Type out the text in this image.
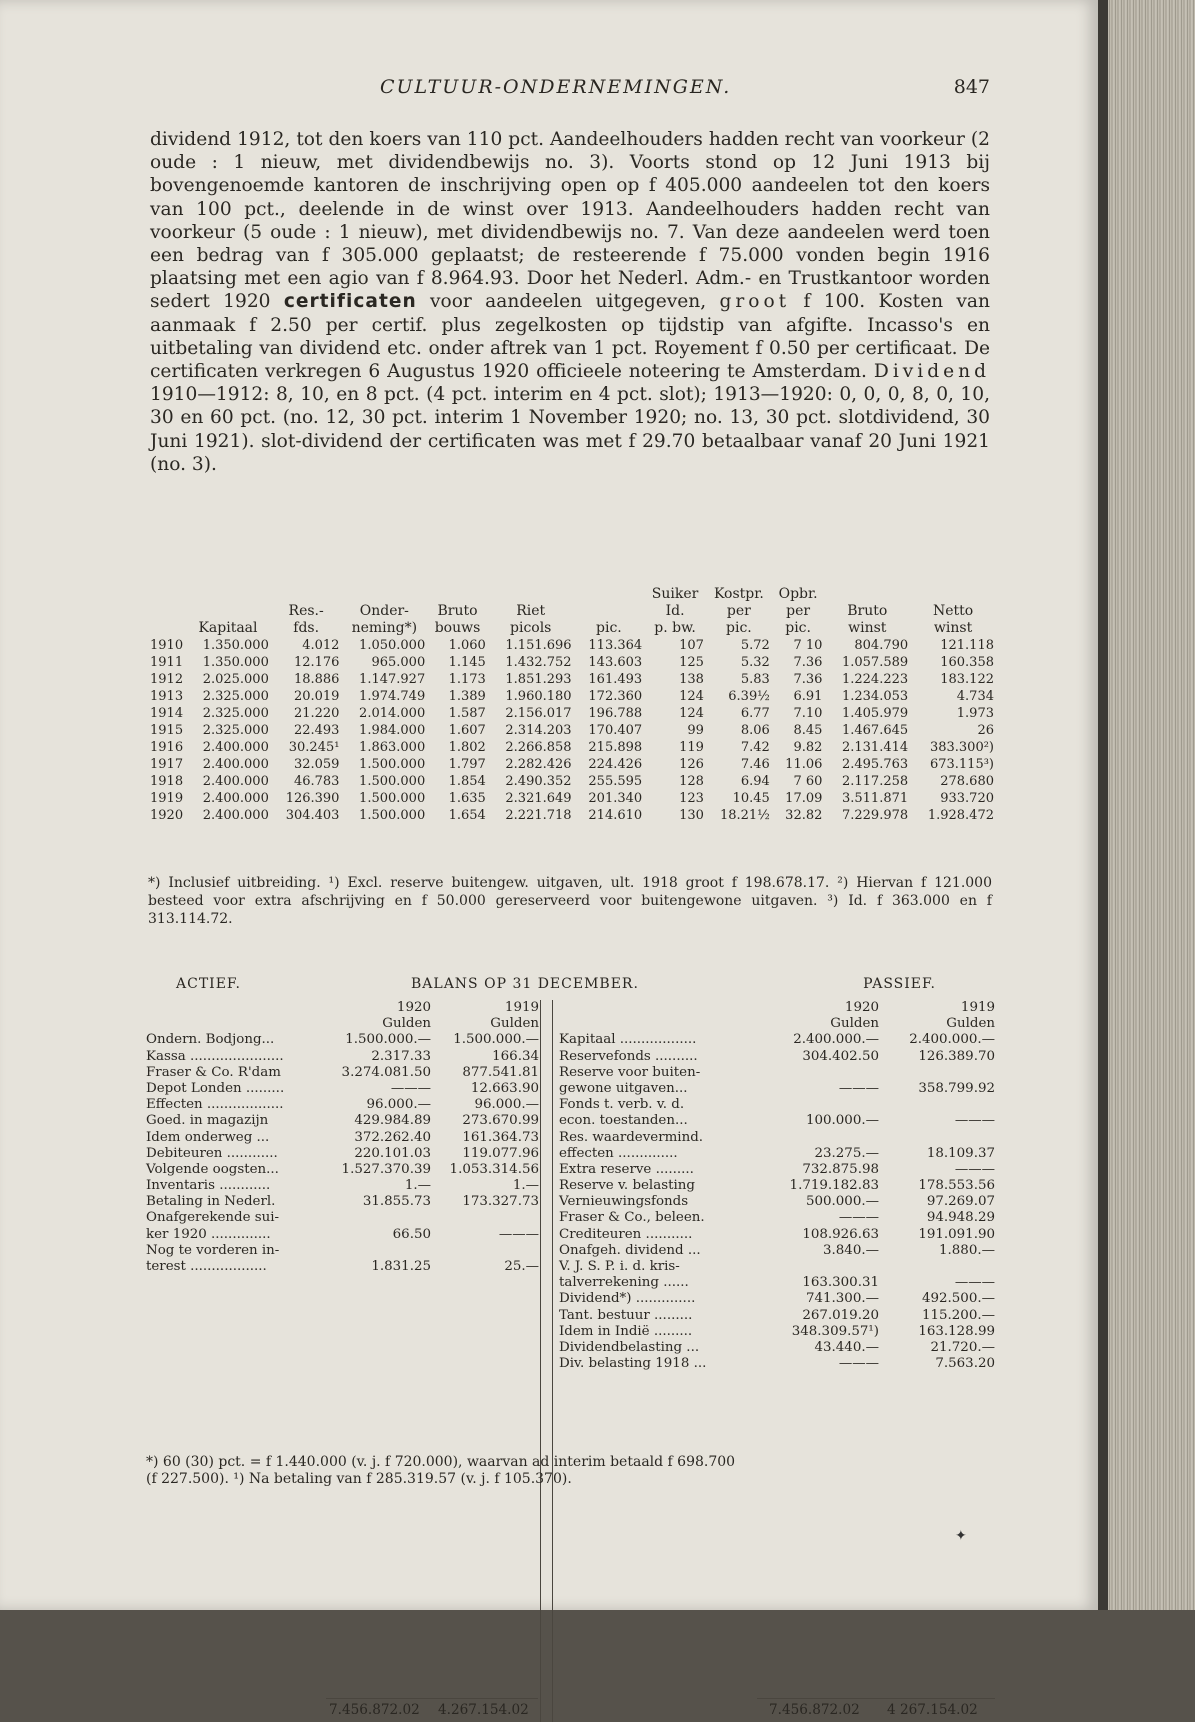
CULTUUR-ONDERNEMINGEN.	847

dividend 1912, tot den koers van 110 pct. Aandeelhouders hadden recht van voorkeur (2 oude : 1 nieuw, met dividendbewijs no. 3). Voorts stond op 12 Juni 1913 bij bovengenoemde kantoren de inschrijving open op f 405.000 aandeelen tot den koers van 100 pct., deelende in de winst over 1913. Aandeelhouders hadden recht van voorkeur (5 oude : 1 nieuw), met dividendbewijs no. 7. Van deze aandeelen werd toen een bedrag van f 305.000 geplaatst; de resteerende f 75.000 vonden begin 1916 plaatsing met een agio van f 8.964.93. Door het Nederl. Adm.- en Trustkantoor worden sedert 1920 certificaten voor aandeelen uitgegeven, groot f 100. Kosten van aanmaak f 2.50 per certif. plus zegelkosten op tijdstip van afgifte. Incasso's en uitbetaling van dividend etc. onder aftrek van 1 pct. Royement f 0.50 per certificaat. De certificaten verkregen 6 Augustus 1920 officieele noteering te Amsterdam. Dividend 1910—1912: 8, 10, en 8 pct. (4 pct. interim en 4 pct. slot); 1913—1920: 0, 0, 0, 8, 0, 10, 30 en 60 pct. (no. 12, 30 pct. interim 1 November 1920; no. 13, 30 pct. slotdividend, 30 Juni 1921). slot-dividend der certificaten was met f 29.70 betaalbaar vanaf 20 Juni 1921 (no. 3).

							Suiker	Kostpr.	Opbr.		
		Res.-	Onder-	Bruto	Riet		Id.	per	per	Bruto	Netto
	Kapitaal	fds.	neming*)	bouws	picols	pic.	p. bw.	pic.	pic.	winst	winst
1910	1.350.000	4.012	1.050.000	1.060	1.151.696	113.364	107	5.72	7 10	804.790	121.118
1911	1.350.000	12.176	965.000	1.145	1.432.752	143.603	125	5.32	7.36	1.057.589	160.358
1912	2.025.000	18.886	1.147.927	1.173	1.851.293	161.493	138	5.83	7.36	1.224.223	183.122
1913	2.325.000	20.019	1.974.749	1.389	1.960.180	172.360	124	6.39½	6.91	1.234.053	4.734
1914	2.325.000	21.220	2.014.000	1.587	2.156.017	196.788	124	6.77	7.10	1.405.979	1.973
1915	2.325.000	22.493	1.984.000	1.607	2.314.203	170.407	99	8.06	8.45	1.467.645	26
1916	2.400.000	30.245¹	1.863.000	1.802	2.266.858	215.898	119	7.42	9.82	2.131.414	383.300²)
1917	2.400.000	32.059	1.500.000	1.797	2.282.426	224.426	126	7.46	11.06	2.495.763	673.115³)
1918	2.400.000	46.783	1.500.000	1.854	2.490.352	255.595	128	6.94	7 60	2.117.258	278.680
1919	2.400.000	126.390	1.500.000	1.635	2.321.649	201.340	123	10.45	17.09	3.511.871	933.720
1920	2.400.000	304.403	1.500.000	1.654	2.221.718	214.610	130	18.21½	32.82	7.229.978	1.928.472

*) Inclusief uitbreiding. ¹) Excl. reserve buitengew. uitgaven, ult. 1918 groot f 198.678.17. ²) Hiervan f 121.000 besteed voor extra afschrijving en f 50.000 gereserveerd voor buitengewone uitgaven. ³) Id. f 363.000 en f 313.114.72.

ACTIEF.	BALANS OP 31 DECEMBER.	PASSIEF.
1920	1919
Gulden	Gulden
Ondern. Bodjong...	1.500.000.—	1.500.000.—
Kassa ......................	2.317.33	166.34
Fraser & Co. R'dam	3.274.081.50	877.541.81
Depot Londen .........	———	12.663.90
Effecten ..................	96.000.—	96.000.—
Goed. in magazijn	429.984.89	273.670.99
Idem onderweg ...	372.262.40	161.364.73
Debiteuren ............	220.101.03	119.077.96
Volgende oogsten...	1.527.370.39	1.053.314.56
Inventaris ............	1.—	1.—
Betaling in Nederl.	31.855.73	173.327.73
Onafgerekende sui-
ker 1920 ..............	66.50	———
Nog te vorderen in-
terest ..................	1.831.25	25.—
7.456.872.02 4.267.154.02
1920	1919
Gulden	Gulden
Kapitaal ..................	2.400.000.—	2.400.000.—
Reservefonds ..........	304.402.50	126.389.70
Reserve voor buiten-
gewone uitgaven...	———	358.799.92
Fonds t. verb. v. d.
econ. toestanden...	100.000.—	———
Res. waardevermind.
effecten ..............	23.275.—	18.109.37
Extra reserve .........	732.875.98	———
Reserve v. belasting	1.719.182.83	178.553.56
Vernieuwingsfonds	500.000.—	97.269.07
Fraser & Co., beleen.	———	94.948.29
Crediteuren ...........	108.926.63	191.091.90
Onafgeh. dividend ...	3.840.—	1.880.—
V. J. S. P. i. d. kris-
talverrekening ......	163.300.31	———
Dividend*) ..............	741.300.—	492.500.—
Tant. bestuur .........	267.019.20	115.200.—
Idem in Indië .........	348.309.57¹)	163.128.99
Dividendbelasting ...	43.440.—	21.720.—
Div. belasting 1918 ...	———	7.563.20
7.456.872.02 4 267.154.02

*) 60 (30) pct. = f 1.440.000 (v. j. f 720.000), waarvan ad interim betaald f 698.700

(f 227.500). ¹) Na betaling van f 285.319.57 (v. j. f 105.370).

✦
